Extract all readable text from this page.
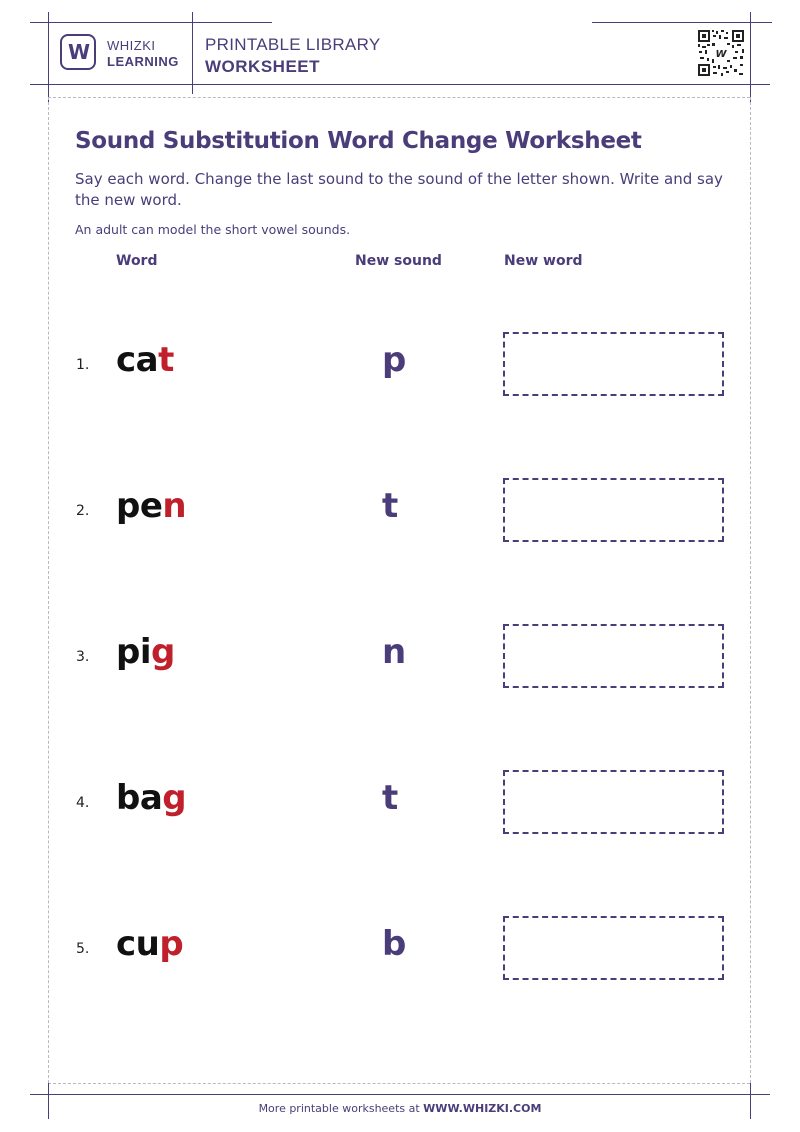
W WHIZKI
LEARNING
PRINTABLE LIBRARY
WORKSHEET
W
Sound Substitution Word Change Worksheet
Say each word. Change the last sound to the sound of the letter shown. Write and say the new word.
An adult can model the short vowel sounds.
Word	New sound	New word
1. cat	p
2. pen	t
3. pig	n
4. bag	t
5. cup	b
More printable worksheets at WWW.WHIZKI.COM
